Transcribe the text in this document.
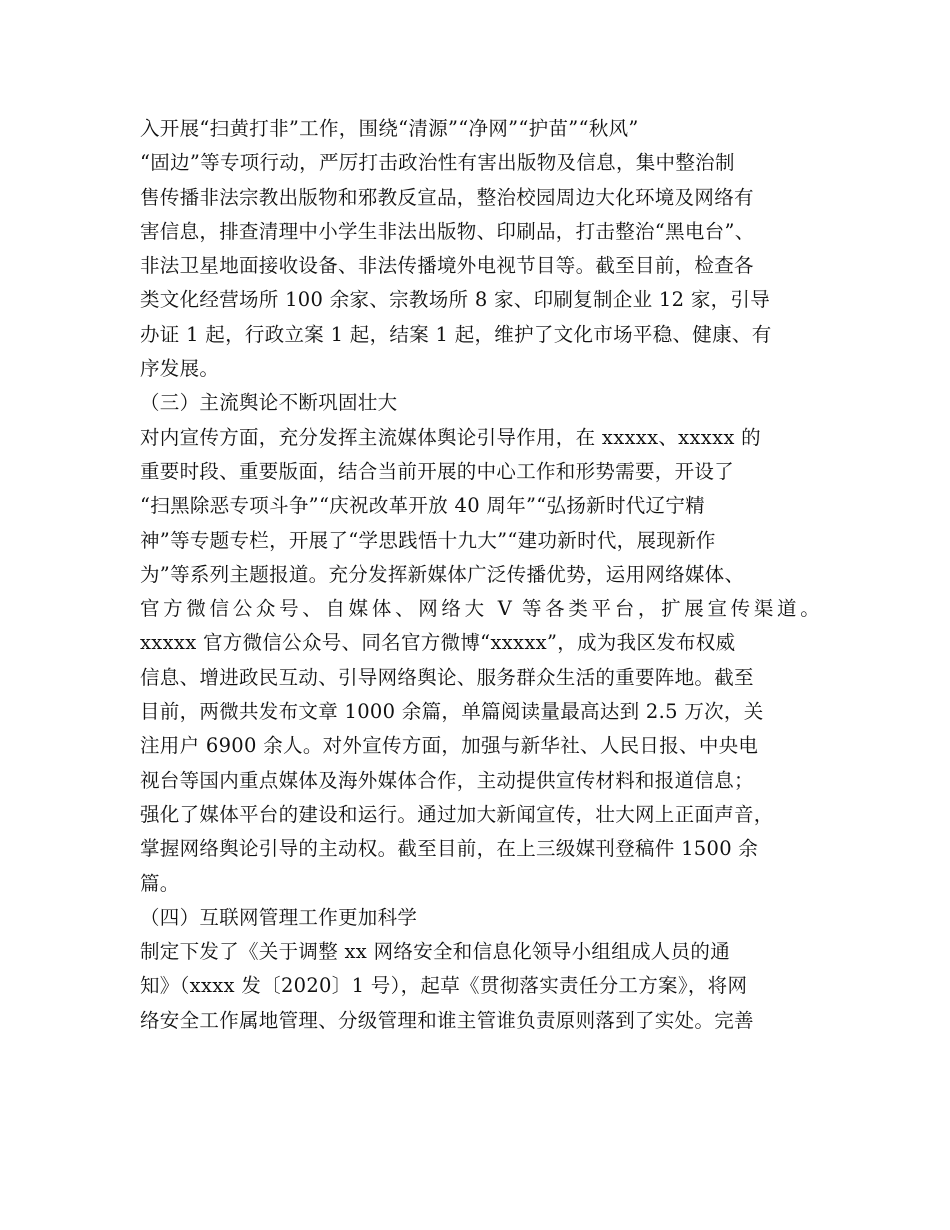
入开展“扫黄打非”工作，围绕“清源”“净网”“护苗”“秋风”
“固边”等专项行动，严厉打击政治性有害出版物及信息，集中整治制
售传播非法宗教出版物和邪教反宣品，整治校园周边大化环境及网络有
害信息，排查清理中小学生非法出版物、印刷品，打击整治“黑电台”、
非法卫星地面接收设备、非法传播境外电视节目等。截至目前，检查各
类文化经营场所 100 余家、宗教场所 8 家、印刷复制企业 12 家，引导
办证 1 起，行政立案 1 起，结案 1 起，维护了文化市场平稳、健康、有
序发展。
（三）主流舆论不断巩固壮大
对内宣传方面，充分发挥主流媒体舆论引导作用，在 xxxxx、xxxxx 的
重要时段、重要版面，结合当前开展的中心工作和形势需要，开设了
“扫黑除恶专项斗争”“庆祝改革开放 40 周年”“弘扬新时代辽宁精
神”等专题专栏，开展了“学思践悟十九大”“建功新时代，展现新作
为”等系列主题报道。充分发挥新媒体广泛传播优势，运用网络媒体、
官方微信公众号、自媒体、网络大 V 等各类平台，扩展宣传渠道。
xxxxx 官方微信公众号、同名官方微博“xxxxx”，成为我区发布权威
信息、增进政民互动、引导网络舆论、服务群众生活的重要阵地。截至
目前，两微共发布文章 1000 余篇，单篇阅读量最高达到 2.5 万次，关
注用户 6900 余人。对外宣传方面，加强与新华社、人民日报、中央电
视台等国内重点媒体及海外媒体合作，主动提供宣传材料和报道信息；
强化了媒体平台的建设和运行。通过加大新闻宣传，壮大网上正面声音，
掌握网络舆论引导的主动权。截至目前，在上三级媒刊登稿件 1500 余
篇。
（四）互联网管理工作更加科学
制定下发了《关于调整 xx 网络安全和信息化领导小组组成人员的通
知》（xxxx 发〔2020〕1 号），起草《贯彻落实责任分工方案》，将网
络安全工作属地管理、分级管理和谁主管谁负责原则落到了实处。完善
